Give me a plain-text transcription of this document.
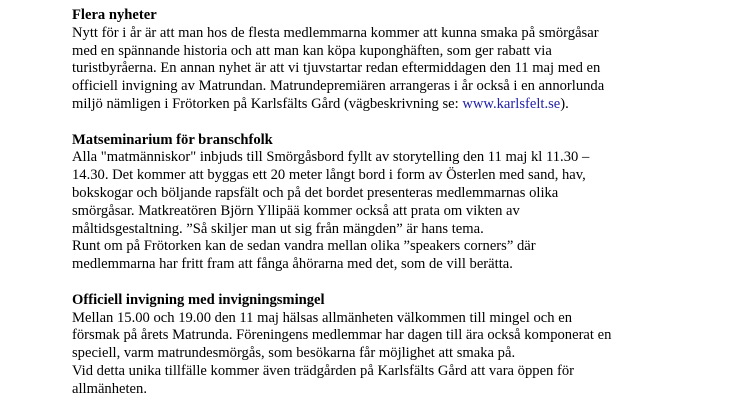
Flera nyheter
Nytt för i år är att man hos de flesta medlemmarna kommer att kunna smaka på smörgåsar
med en spännande historia och att man kan köpa kuponghäften, som ger rabatt via
turistbyråerna. En annan nyhet är att vi tjuvstartar redan eftermiddagen den 11 maj med en
officiell invigning av Matrundan. Matrundepremiären arrangeras i år också i en annorlunda
miljö nämligen i Frötorken på Karlsfälts Gård (vägbeskrivning se: www.karlsfelt.se).
Matseminarium för branschfolk
Alla "matmänniskor" inbjuds till Smörgåsbord fyllt av storytelling den 11 maj kl 11.30 –
14.30. Det kommer att byggas ett 20 meter långt bord i form av Österlen med sand, hav,
bokskogar och böljande rapsfält och på det bordet presenteras medlemmarnas olika
smörgåsar. Matkreatören Björn Yllipää kommer också att prata om vikten av
måltidsgestaltning. ”Så skiljer man ut sig från mängden” är hans tema.
Runt om på Frötorken kan de sedan vandra mellan olika ”speakers corners” där
medlemmarna har fritt fram att fånga åhörarna med det, som de vill berätta.
Officiell invigning med invigningsmingel
Mellan 15.00 och 19.00 den 11 maj hälsas allmänheten välkommen till mingel och en
försmak på årets Matrunda. Föreningens medlemmar har dagen till ära också komponerat en
speciell, varm matrundesmörgås, som besökarna får möjlighet att smaka på.
Vid detta unika tillfälle kommer även trädgården på Karlsfälts Gård att vara öppen för
allmänheten.
